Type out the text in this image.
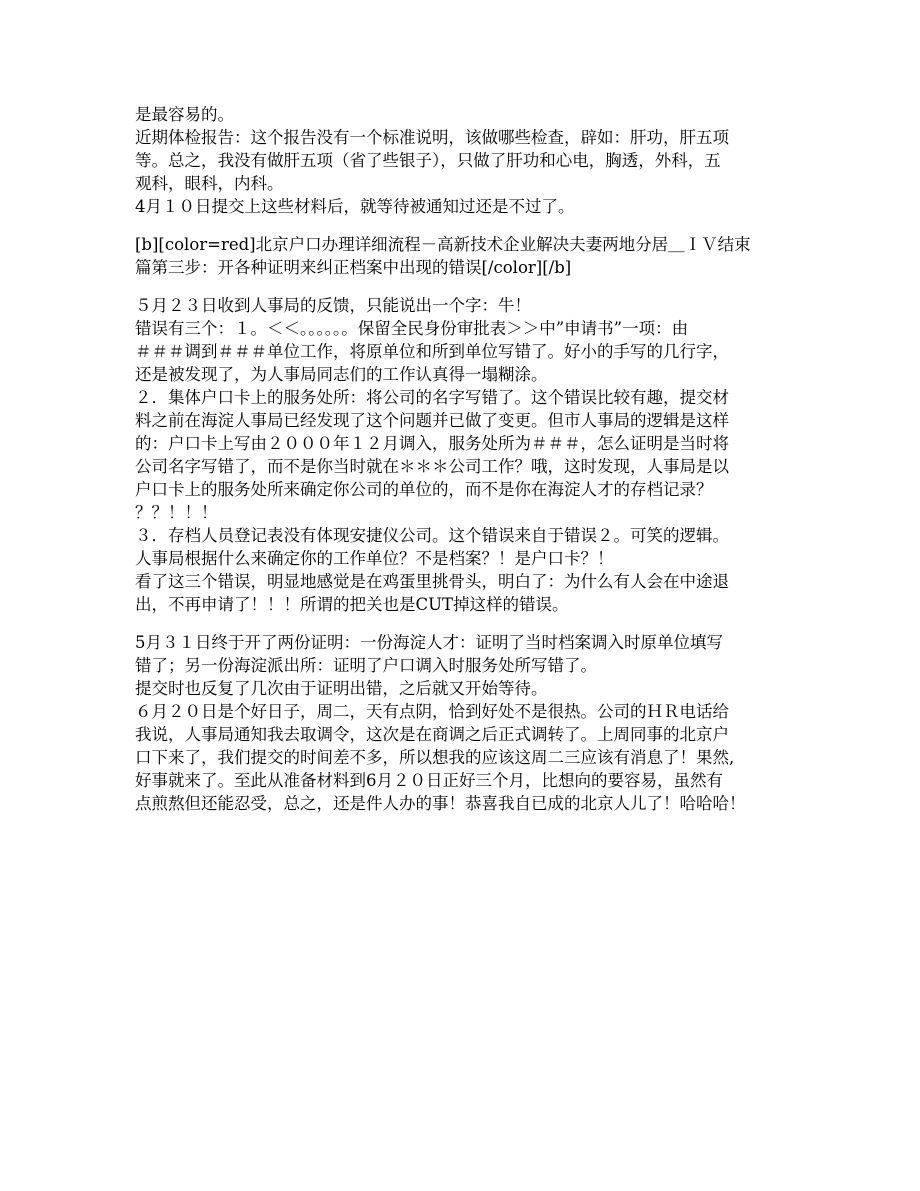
是最容易的。
近期体检报告：这个报告没有一个标准说明，该做哪些检查，辟如：肝功，肝五项
等。总之，我没有做肝五项（省了些银子），只做了肝功和心电，胸透，外科，五
观科，眼科，内科。
4月１０日提交上这些材料后，就等待被通知过还是不过了。
[b][color=red]北京户口办理详细流程－高新技术企业解决夫妻两地分居＿ＩＶ结束
篇第三步：开各种证明来纠正档案中出现的错误[/color][/b]
５月２３日收到人事局的反馈，只能说出一个字：牛！
错误有三个：１。＜＜。。。。。。保留全民身份审批表＞＞中”申请书”一项：由
＃＃＃调到＃＃＃单位工作，将原单位和所到单位写错了。好小的手写的几行字，
还是被发现了，为人事局同志们的工作认真得一塌糊涂。
２．集体户口卡上的服务处所：将公司的名字写错了。这个错误比较有趣，提交材
料之前在海淀人事局已经发现了这个问题并已做了变更。但市人事局的逻辑是这样
的：户口卡上写由２０００年１２月调入，服务处所为＃＃＃，怎么证明是当时将
公司名字写错了，而不是你当时就在＊＊＊公司工作？哦，这时发现，人事局是以
户口卡上的服务处所来确定你公司的单位的，而不是你在海淀人才的存档记录？
？？！！！
３．存档人员登记表没有体现安捷仪公司。这个错误来自于错误２。可笑的逻辑。
人事局根据什么来确定你的工作单位？不是档案？！是户口卡？！
看了这三个错误，明显地感觉是在鸡蛋里挑骨头，明白了：为什么有人会在中途退
出，不再申请了！！！所谓的把关也是CUT掉这样的错误。
5月３１日终于开了两份证明：一份海淀人才：证明了当时档案调入时原单位填写
错了；另一份海淀派出所：证明了户口调入时服务处所写错了。
提交时也反复了几次由于证明出错，之后就又开始等待。
６月２０日是个好日子，周二，天有点阴，恰到好处不是很热。公司的ＨＲ电话给
我说，人事局通知我去取调令，这次是在商调之后正式调转了。上周同事的北京户
口下来了，我们提交的时间差不多，所以想我的应该这周二三应该有消息了！果然,
好事就来了。至此从准备材料到6月２０日正好三个月，比想向的要容易，虽然有
点煎熬但还能忍受，总之，还是件人办的事！恭喜我自已成的北京人儿了！哈哈哈！
